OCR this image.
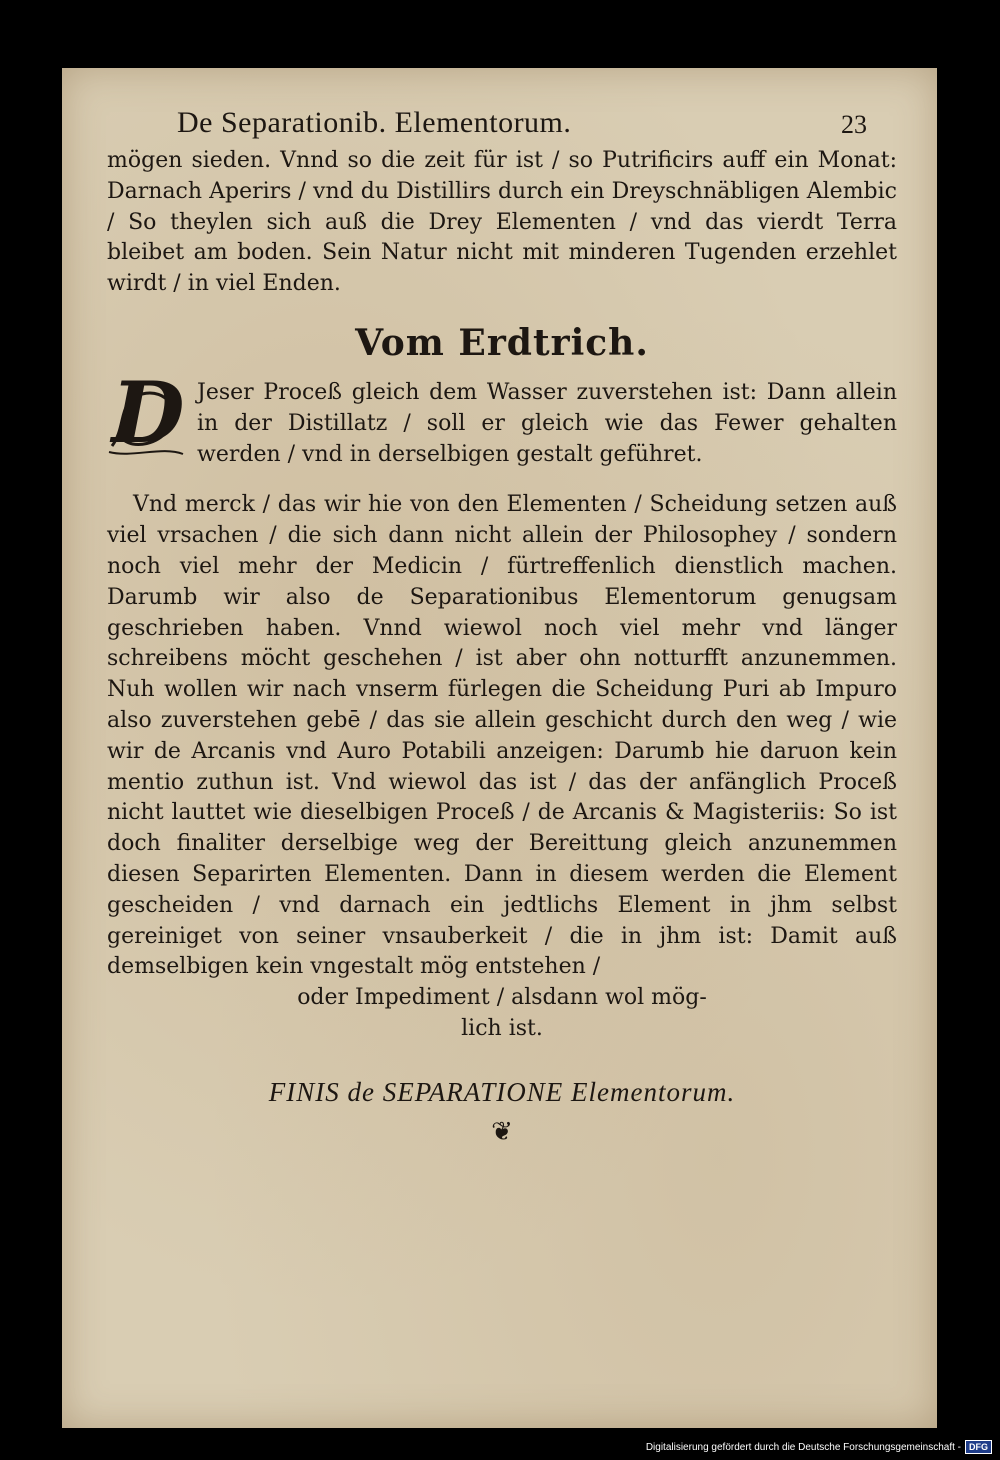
De Separationib. Elementorum.	23

mögen sieden. Vnnd so die zeit für ist / so Putrificirs auff ein Monat: Darnach Aperirs / vnd du Distillirs durch ein Dreyschnäbligen Alembic / So theylen sich auß die Drey Elementen / vnd das vierdt Terra bleibet am boden. Sein Natur nicht mit minderen Tugenden erzehlet wirdt / in viel Enden.

Vom Erdtrich.
D Jeser Proceß gleich dem Wasser zuverstehen ist: Dann allein in der Distillatz / soll er gleich wie das Fewer gehalten werden / vnd in derselbigen gestalt geführet.

Vnd merck / das wir hie von den Elementen / Scheidung setzen auß viel vrsachen / die sich dann nicht allein der Philosophey / sondern noch viel mehr der Medicin / fürtreffenlich dienstlich machen. Darumb wir also de Separationibus Elementorum genugsam geschrieben haben. Vnnd wiewol noch viel mehr vnd länger schreibens möcht geschehen / ist aber ohn notturfft anzunemmen. Nuh wollen wir nach vnserm fürlegen die Scheidung Puri ab Impuro also zuverstehen gebē / das sie allein geschicht durch den weg / wie wir de Arcanis vnd Auro Potabili anzeigen: Darumb hie daruon kein mentio zuthun ist. Vnd wiewol das ist / das der anfänglich Proceß nicht lauttet wie dieselbigen Proceß / de Arcanis & Magisteriis: So ist doch finaliter derselbige weg der Bereittung gleich anzunemmen diesen Separirten Elementen. Dann in diesem werden die Element gescheiden / vnd darnach ein jedtlichs Element in jhm selbst gereiniget von seiner vnsauberkeit / die in jhm ist: Damit auß demselbigen kein vngestalt mög entstehen /

oder Impediment / alsdann wol mög-

lich ist.

FINIS de SEPARATIONE Elementorum.
❦
Digitalisierung gefördert durch die Deutsche Forschungsgemeinschaft - DFG
